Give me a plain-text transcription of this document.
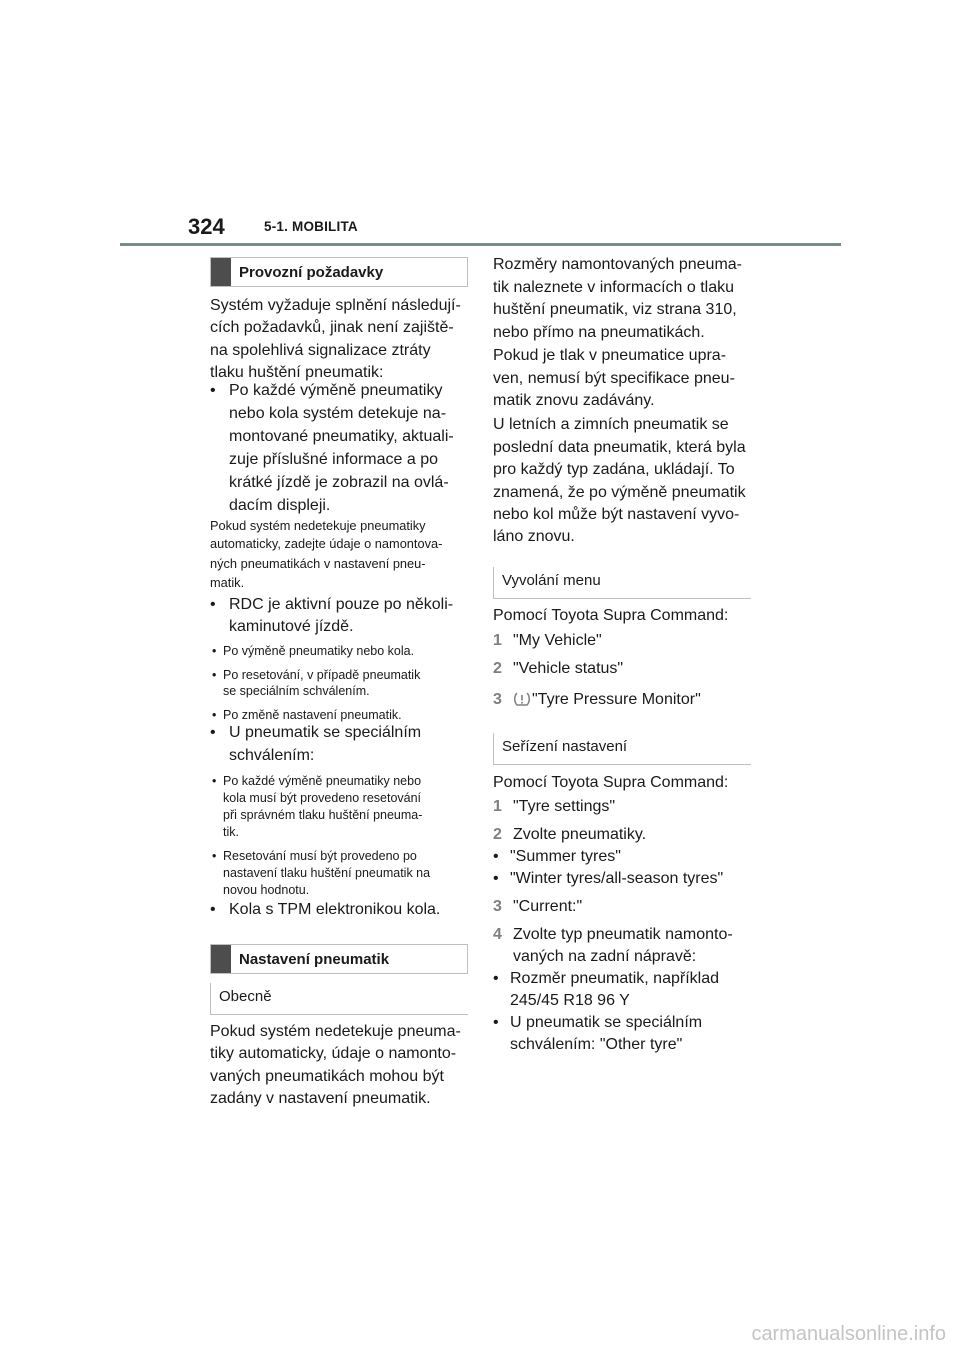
324	5-1. MOBILITA
Provozní požadavky

Systém vyžaduje splnění následují-

cích požadavků, jinak není zajiště-

na spolehlivá signalizace ztráty

tlaku huštění pneumatik:

• Po každé výměně pneumatiky
nebo kola systém detekuje na-
montované pneumatiky, aktuali-
zuje příslušné informace a po
krátké jízdě je zobrazil na ovlá-
dacím displeji.

Pokud systém nedetekuje pneumatiky

automaticky, zadejte údaje o namontova-

ných pneumatikách v nastavení pneu-

matik.

• RDC je aktivní pouze po několi-
kaminutové jízdě.
• Po výměně pneumatiky nebo kola.
• Po resetování, v případě pneumatik
se speciálním schválením.
• Po změně nastavení pneumatik.
• U pneumatik se speciálním
schválením:
• Po každé výměně pneumatiky nebo
kola musí být provedeno resetování
při správném tlaku huštění pneuma-
tik.
• Resetování musí být provedeno po
nastavení tlaku huštění pneumatik na
novou hodnotu.
• Kola s TPM elektronikou kola.
Nastavení pneumatik
Obecně

Pokud systém nedetekuje pneuma-

tiky automaticky, údaje o namonto-

vaných pneumatikách mohou být

zadány v nastavení pneumatik.

Rozměry namontovaných pneuma-

tik naleznete v informacích o tlaku

huštění pneumatik, viz strana 310,

nebo přímo na pneumatikách.

Pokud je tlak v pneumatice upra-

ven, nemusí být specifikace pneu-

matik znovu zadávány.

U letních a zimních pneumatik se

poslední data pneumatik, která byla

pro každý typ zadána, ukládají. To

znamená, že po výměně pneumatik

nebo kol může být nastavení vyvo-

láno znovu.

Vyvolání menu

Pomocí Toyota Supra Command:

1 "My Vehicle"
2 "Vehicle status"
3	"Tyre Pressure Monitor"
Seřízení nastavení

Pomocí Toyota Supra Command:

1 "Tyre settings"
2 Zvolte pneumatiky.
• "Summer tyres"
• "Winter tyres/all-season tyres"
3 "Current:"
4 Zvolte typ pneumatik namonto-
vaných na zadní nápravě:
• Rozměr pneumatik, například
245/45 R18 96 Y
• U pneumatik se speciálním
schválením: "Other tyre"
carmanualsonline.info
